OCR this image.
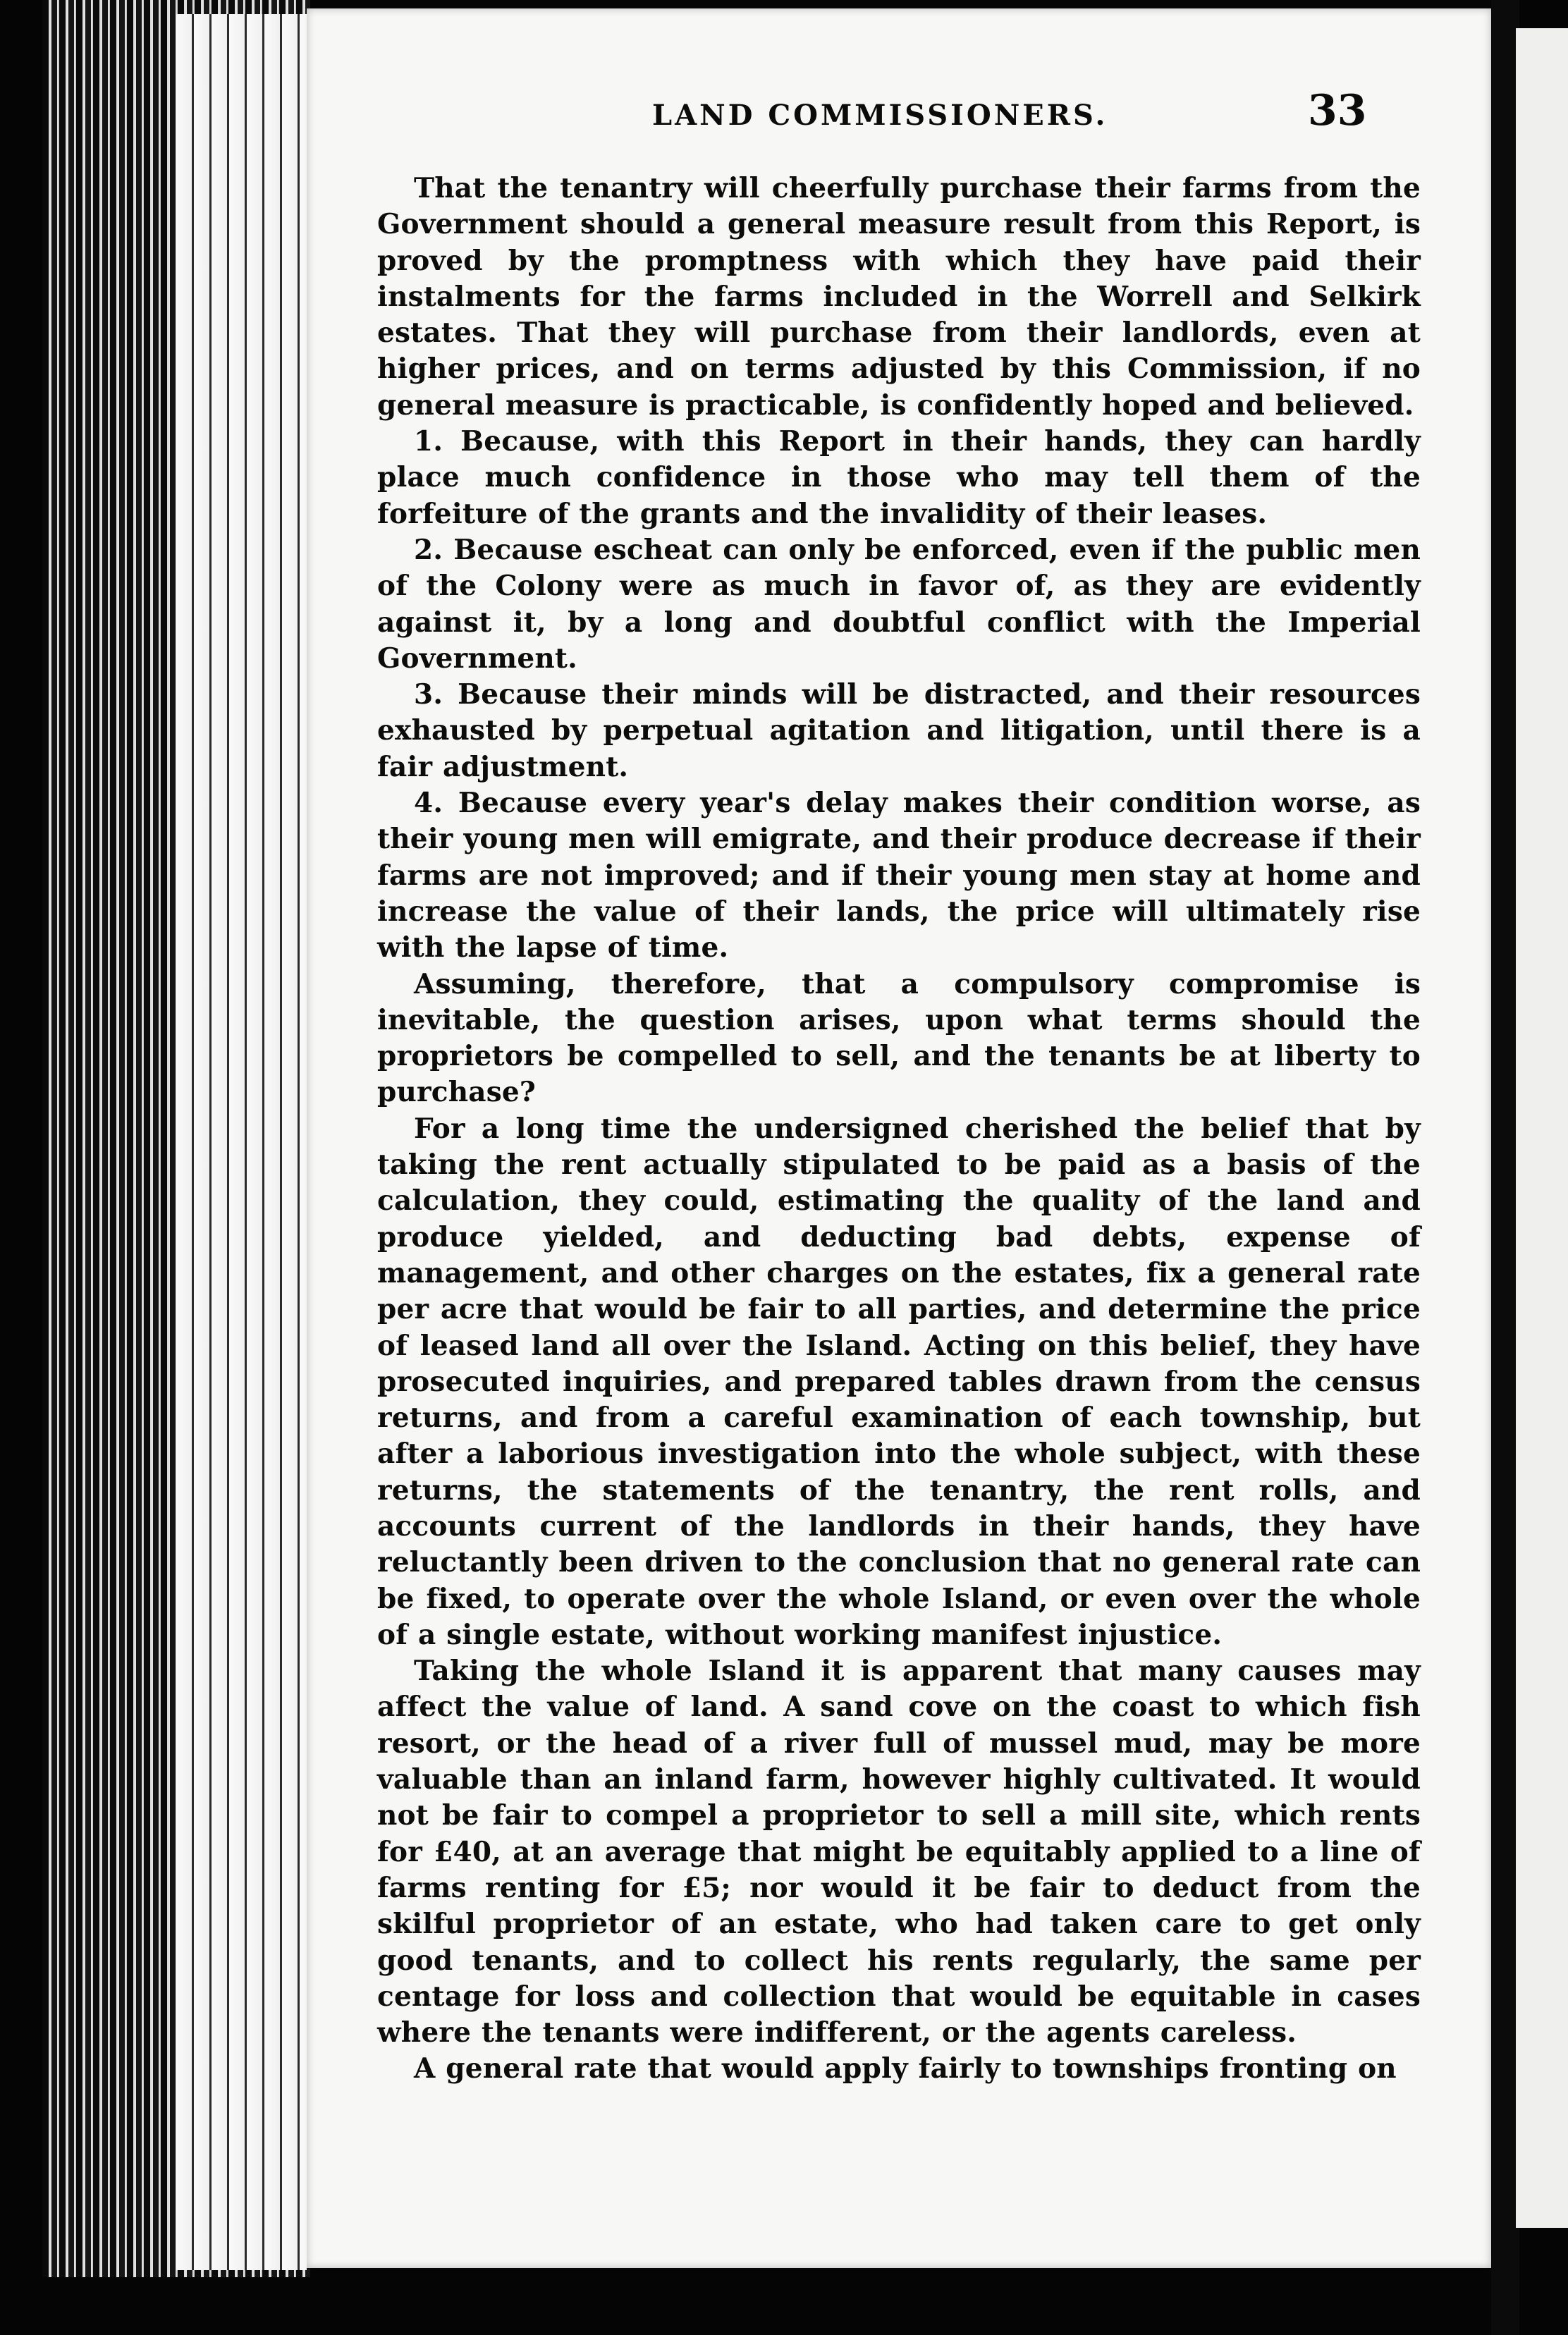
LAND COMMISSIONERS.	33

That the tenantry will cheerfully purchase their farms from the Government should a general measure result from this Report, is proved by the promptness with which they have paid their instalments for the farms included in the Worrell and Selkirk estates. That they will purchase from their landlords, even at higher prices, and on terms adjusted by this Commission, if no general measure is practicable, is confidently hoped and believed.

1. Because, with this Report in their hands, they can hardly place much confidence in those who may tell them of the forfeiture of the grants and the invalidity of their leases.

2. Because escheat can only be enforced, even if the public men of the Colony were as much in favor of, as they are evidently against it, by a long and doubtful conflict with the Imperial Government.

3. Because their minds will be distracted, and their resources exhausted by perpetual agitation and litigation, until there is a fair adjustment.

4. Because every year's delay makes their condition worse, as their young men will emigrate, and their produce decrease if their farms are not improved; and if their young men stay at home and increase the value of their lands, the price will ultimately rise with the lapse of time.

Assuming, therefore, that a compulsory compromise is inevitable, the question arises, upon what terms should the proprietors be compelled to sell, and the tenants be at liberty to purchase?

For a long time the undersigned cherished the belief that by taking the rent actually stipulated to be paid as a basis of the calculation, they could, estimating the quality of the land and produce yielded, and deducting bad debts, expense of management, and other charges on the estates, fix a general rate per acre that would be fair to all parties, and determine the price of leased land all over the Island. Acting on this belief, they have prosecuted inquiries, and prepared tables drawn from the census returns, and from a careful examination of each township, but after a laborious investigation into the whole subject, with these returns, the statements of the tenantry, the rent rolls, and accounts current of the landlords in their hands, they have reluctantly been driven to the conclusion that no general rate can be fixed, to operate over the whole Island, or even over the whole of a single estate, without working manifest injustice.

Taking the whole Island it is apparent that many causes may affect the value of land. A sand cove on the coast to which fish resort, or the head of a river full of mussel mud, may be more valuable than an inland farm, however highly cultivated. It would not be fair to compel a proprietor to sell a mill site, which rents for £40, at an average that might be equitably applied to a line of farms renting for £5; nor would it be fair to deduct from the skilful proprietor of an estate, who had taken care to get only good tenants, and to collect his rents regularly, the same per centage for loss and collection that would be equitable in cases where the tenants were indifferent, or the agents careless.

A general rate that would apply fairly to townships fronting on
